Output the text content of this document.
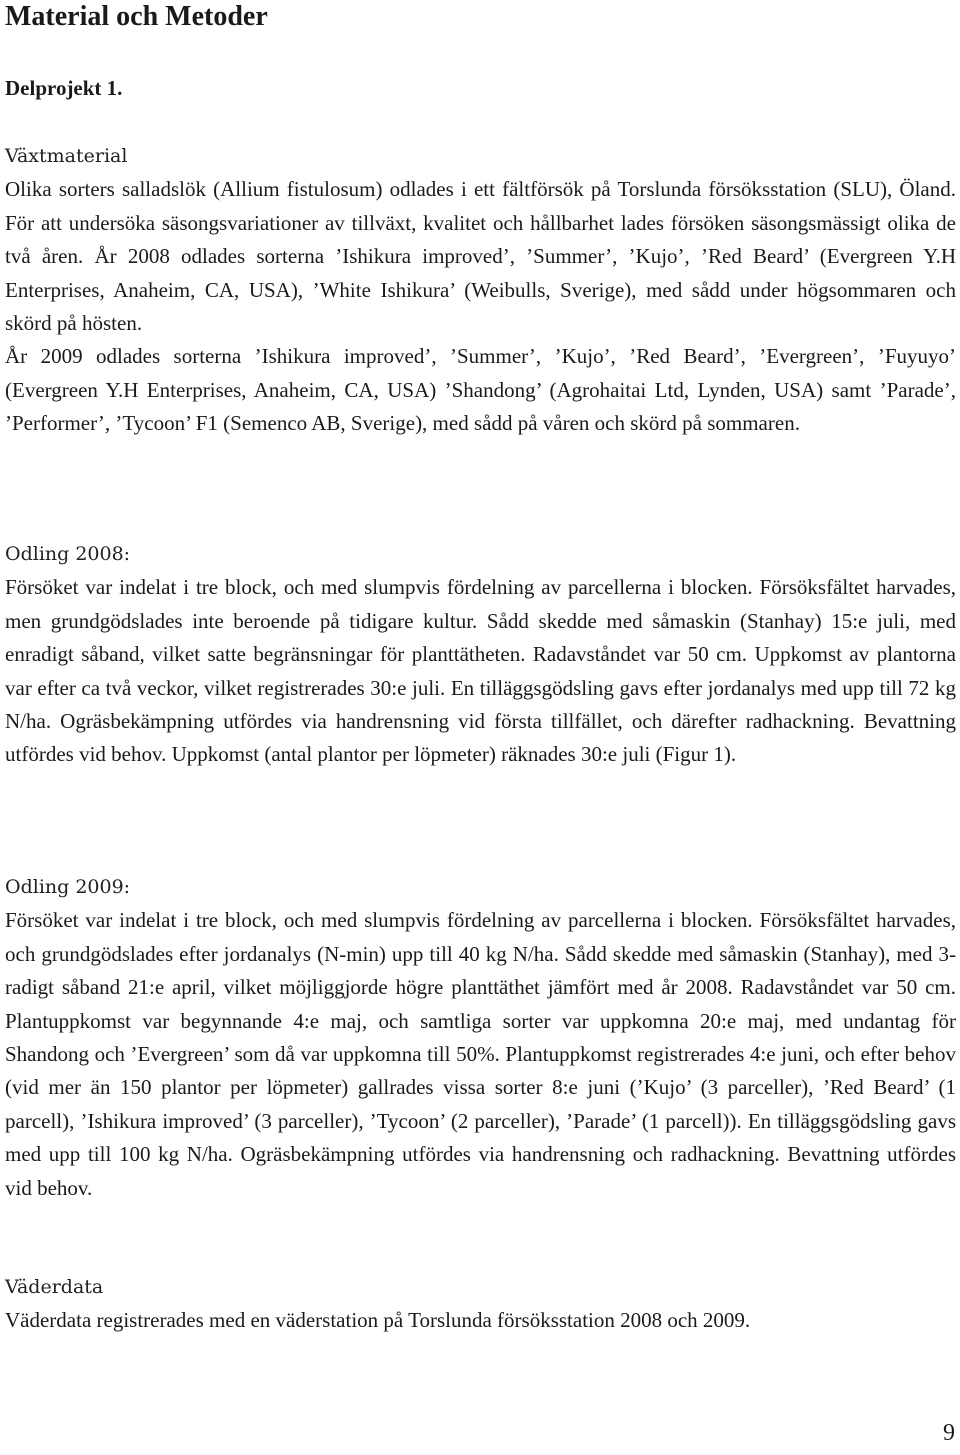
Material och Metoder
Delprojekt 1.
Växtmaterial

Olika sorters salladslök (Allium fistulosum) odlades i ett fältförsök på Torslunda försöksstation (SLU), Öland. För att undersöka säsongsvariationer av tillväxt, kvalitet och hållbarhet lades försöken säsongsmässigt olika de två åren. År 2008 odlades sorterna ’Ishikura improved’, ’Summer’, ’Kujo’, ’Red Beard’ (Evergreen Y.H Enterprises, Anaheim, CA, USA), ’White Ishikura’ (Weibulls, Sverige), med sådd under högsommaren och skörd på hösten.

År 2009 odlades sorterna ’Ishikura improved’, ’Summer’, ’Kujo’, ’Red Beard’, ’Evergreen’, ’Fuyuyo’ (Evergreen Y.H Enterprises, Anaheim, CA, USA) ’Shandong’ (Agrohaitai Ltd, Lynden, USA) samt ’Parade’, ’Performer’, ’Tycoon’ F1 (Semenco AB, Sverige), med sådd på våren och skörd på sommaren.

Odling 2008:

Försöket var indelat i tre block, och med slumpvis fördelning av parcellerna i blocken. Försöksfältet harvades, men grundgödslades inte beroende på tidigare kultur. Sådd skedde med såmaskin (Stanhay) 15:e juli, med enradigt såband, vilket satte begränsningar för planttätheten. Radavståndet var 50 cm. Uppkomst av plantorna var efter ca två veckor, vilket registrerades 30:e juli. En tilläggsgödsling gavs efter jordanalys med upp till 72 kg N/ha. Ogräsbekämpning utfördes via handrensning vid första tillfället, och därefter radhackning. Bevattning utfördes vid behov. Uppkomst (antal plantor per löpmeter) räknades 30:e juli (Figur 1).

Odling 2009:

Försöket var indelat i tre block, och med slumpvis fördelning av parcellerna i blocken. Försöksfältet harvades, och grundgödslades efter jordanalys (N-min) upp till 40 kg N/ha. Sådd skedde med såmaskin (Stanhay), med 3-radigt såband 21:e april, vilket möjliggjorde högre planttäthet jämfört med år 2008. Radavståndet var 50 cm. Plantuppkomst var begynnande 4:e maj, och samtliga sorter var uppkomna 20:e maj, med undantag för Shandong och ’Evergreen’ som då var uppkomna till 50%. Plantuppkomst registrerades 4:e juni, och efter behov (vid mer än 150 plantor per löpmeter) gallrades vissa sorter 8:e juni (’Kujo’ (3 parceller), ’Red Beard’ (1 parcell), ’Ishikura improved’ (3 parceller), ’Tycoon’ (2 parceller), ’Parade’ (1 parcell)). En tilläggsgödsling gavs med upp till 100 kg N/ha. Ogräsbekämpning utfördes via handrensning och radhackning. Bevattning utfördes vid behov.

Väderdata

Väderdata registrerades med en väderstation på Torslunda försöksstation 2008 och 2009.

9
